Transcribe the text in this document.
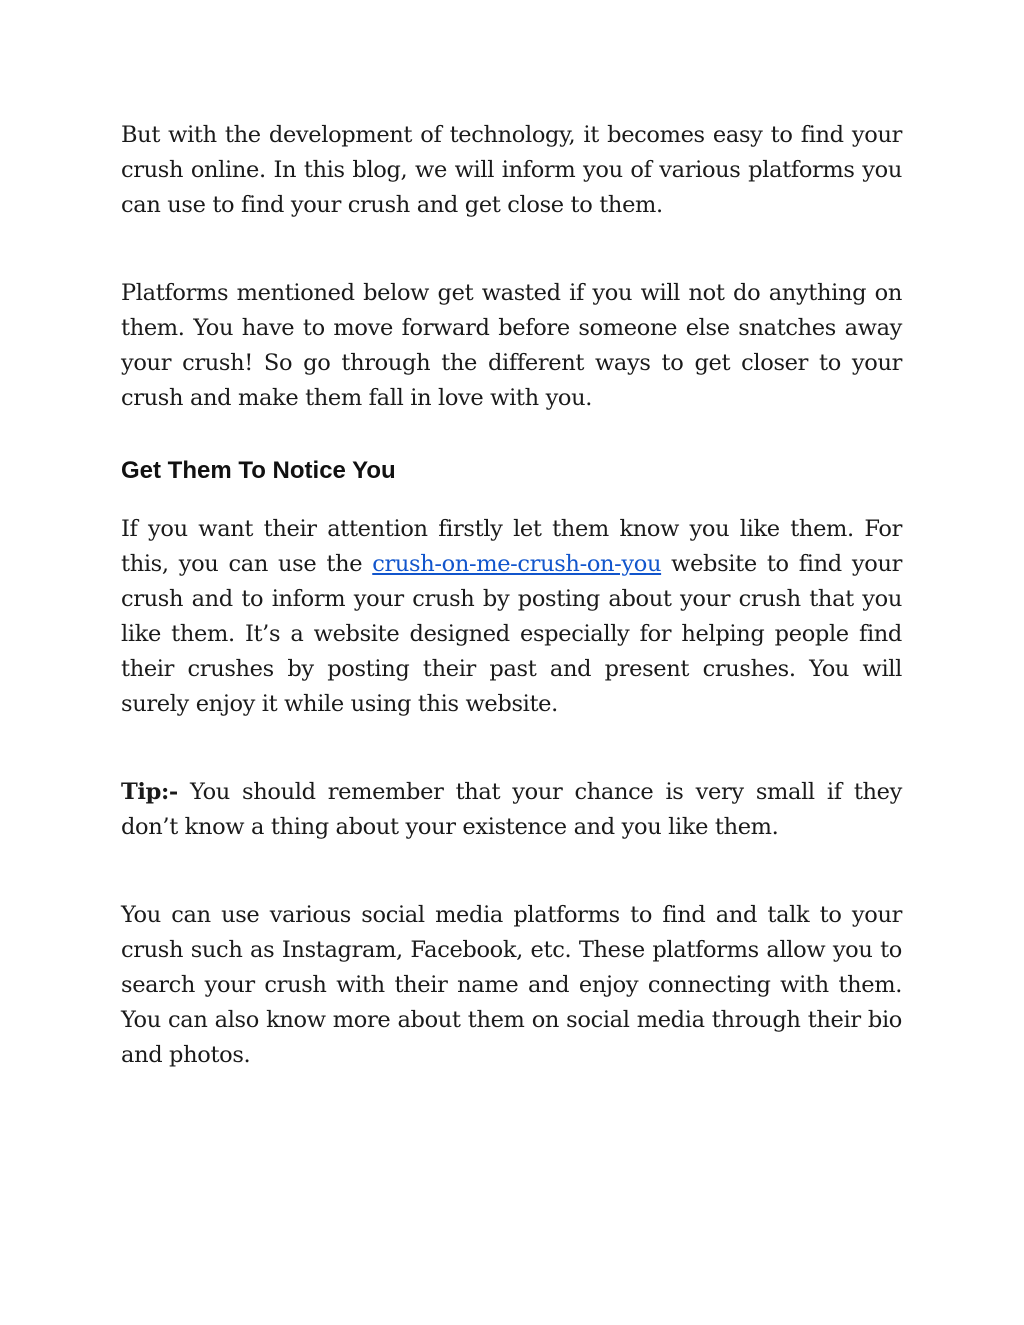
But with the development of technology, it becomes easy to find your crush online. In this blog, we will inform you of various platforms you can use to find your crush and get close to them.

Platforms mentioned below get wasted if you will not do anything on them. You have to move forward before someone else snatches away your crush! So go through the different ways to get closer to your crush and make them fall in love with you.

Get Them To Notice You

If you want their attention firstly let them know you like them. For this, you can use the crush-on-me-crush-on-you website to find your crush and to inform your crush by posting about your crush that you like them. It’s a website designed especially for helping people find their crushes by posting their past and present crushes. You will surely enjoy it while using this website.

Tip:- You should remember that your chance is very small if they don’t know a thing about your existence and you like them.

You can use various social media platforms to find and talk to your crush such as Instagram, Facebook, etc. These platforms allow you to search your crush with their name and enjoy connecting with them. You can also know more about them on social media through their bio and photos.
